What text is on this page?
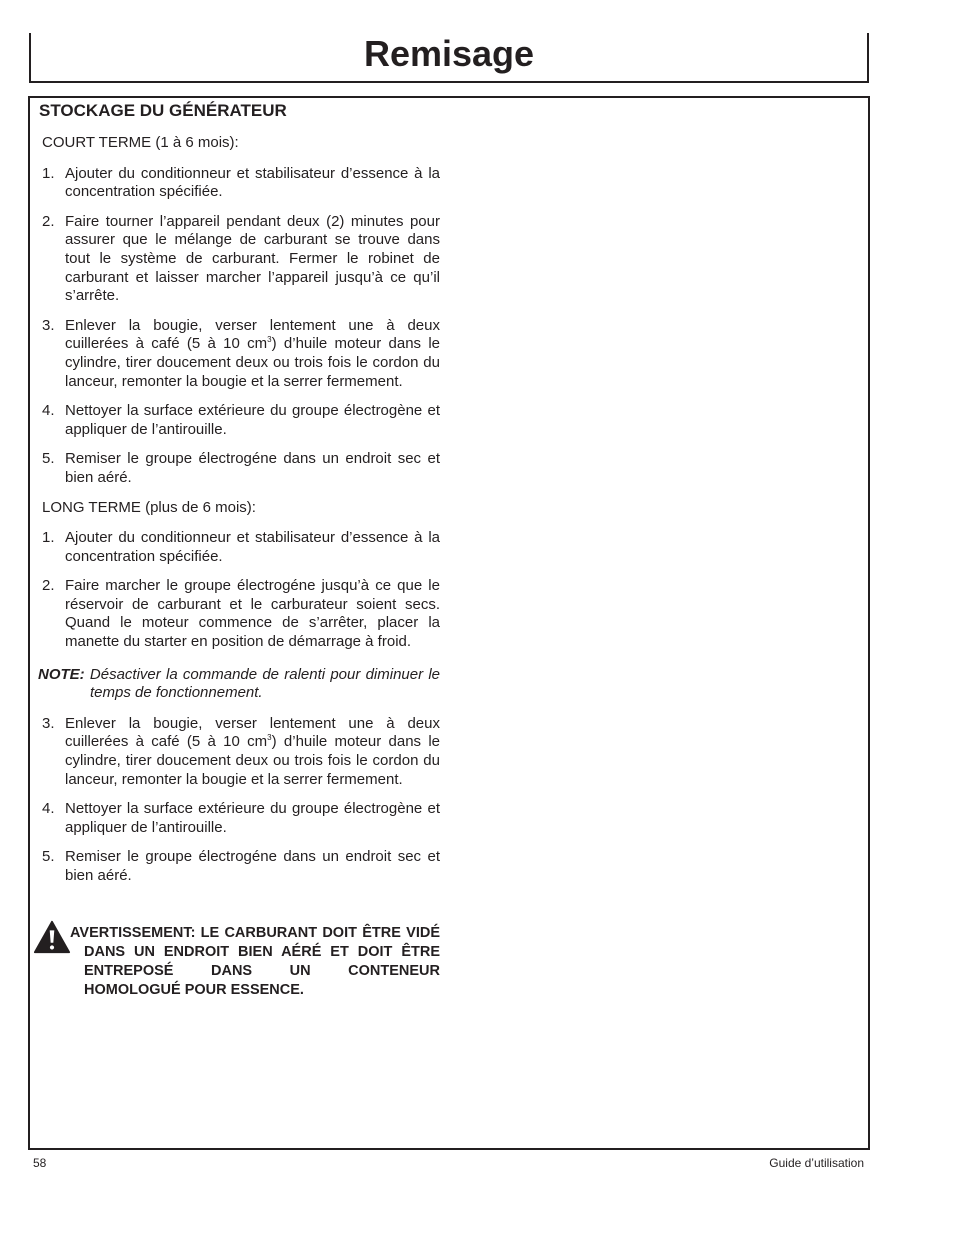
Remisage
STOCKAGE DU GÉNÉRATEUR
COURT TERME (1 à 6 mois):
1. Ajouter du conditionneur et stabilisateur d’essence à la concentration spécifiée.
2. Faire tourner l’appareil pendant deux (2) minutes pour assurer que le mélange de carburant se trouve dans tout le système de carburant. Fermer le robinet de carburant et laisser marcher l’appareil jusqu’à ce qu’il s’arrête.
3. Enlever la bougie, verser lentement une à deux cuillerées à café (5 à 10 $cm^3$) d’huile moteur dans le cylindre, tirer doucement deux ou trois fois le cordon du lanceur, remonter la bougie et la serrer fermement.
4. Nettoyer la surface extérieure du groupe électrogène et appliquer de l’antirouille.
5. Remiser le groupe électrogéne dans un endroit sec et bien aéré.
LONG TERME (plus de 6 mois):
1. Ajouter du conditionneur et stabilisateur d’essence à la concentration spécifiée.
2. Faire marcher le groupe électrogéne jusqu’à ce que le réservoir de carburant et le carburateur soient secs. Quand le moteur commence de s’arrêter, placer la manette du starter en position de démarrage à froid.
NOTE: Désactiver la commande de ralenti pour diminuer le temps de fonctionnement.
3. Enlever la bougie, verser lentement une à deux cuillerées à café (5 à 10 $cm^3$) d’huile moteur dans le cylindre, tirer doucement deux ou trois fois le cordon du lanceur, remonter la bougie et la serrer fermement.
4. Nettoyer la surface extérieure du groupe électrogène et appliquer de l’antirouille.
5. Remiser le groupe électrogéne dans un endroit sec et bien aéré.
AVERTISSEMENT: LE CARBURANT DOIT ÊTRE VIDÉ DANS UN ENDROIT BIEN AÉRÉ ET DOIT ÊTRE ENTREPOSÉ DANS UN CONTENEUR HOMOLOGUÉ POUR ESSENCE.
58	Guide d’utilisation
